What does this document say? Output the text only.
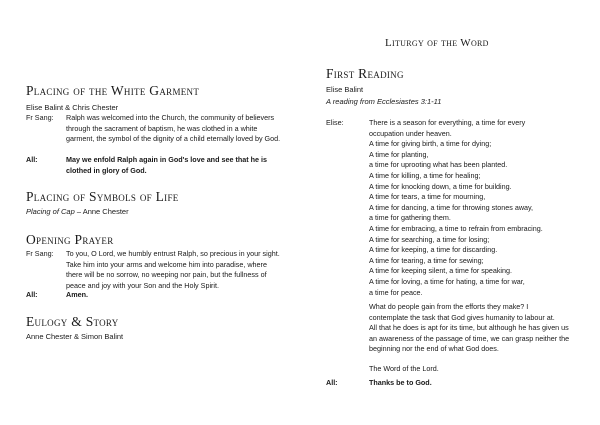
Placing of the White Garment
Elise Balint & Chris Chester
Fr Sang: Ralph was welcomed into the Church, the community of believers through the sacrament of baptism, he was clothed in a white garment, the symbol of the dignity of a child eternally loved by God.
All:	May we enfold Ralph again in God's love and see that he is clothed in glory of God.
Placing of Symbols of Life
Placing of Cap – Anne Chester
Opening Prayer
Fr Sang: To you, O Lord, we humbly entrust Ralph, so precious in your sight. Take him into your arms and welcome him into paradise, where there will be no sorrow, no weeping nor pain, but the fullness of peace and joy with your Son and the Holy Spirit.
All:	Amen.
Eulogy & Story
Anne Chester & Simon Balint
Liturgy of the Word
First Reading
Elise Balint
A reading from Ecclesiastes 3:1-11
Elise:	There is a season for everything, a time for every
occupation under heaven.
A time for giving birth, a time for dying;
A time for planting,
a time for uprooting what has been planted.
A time for killing, a time for healing;
A time for knocking down, a time for building.
A time for tears, a time for mourning,
A time for dancing, a time for throwing stones away,
a time for gathering them.
A time for embracing, a time to refrain from embracing.
A time for searching, a time for losing;
A time for keeping, a time for discarding.
A time for tearing, a time for sewing;
A time for keeping silent, a time for speaking.
A time for loving, a time for hating, a time for war,
a time for peace.
What do people gain from the efforts they make? I
contemplate the task that God gives humanity to labour at.
All that he does is apt for its time, but although he has given us
an awareness of the passage of time, we can grasp neither the
beginning nor the end of what God does.
The Word of the Lord.
All:	Thanks be to God.
